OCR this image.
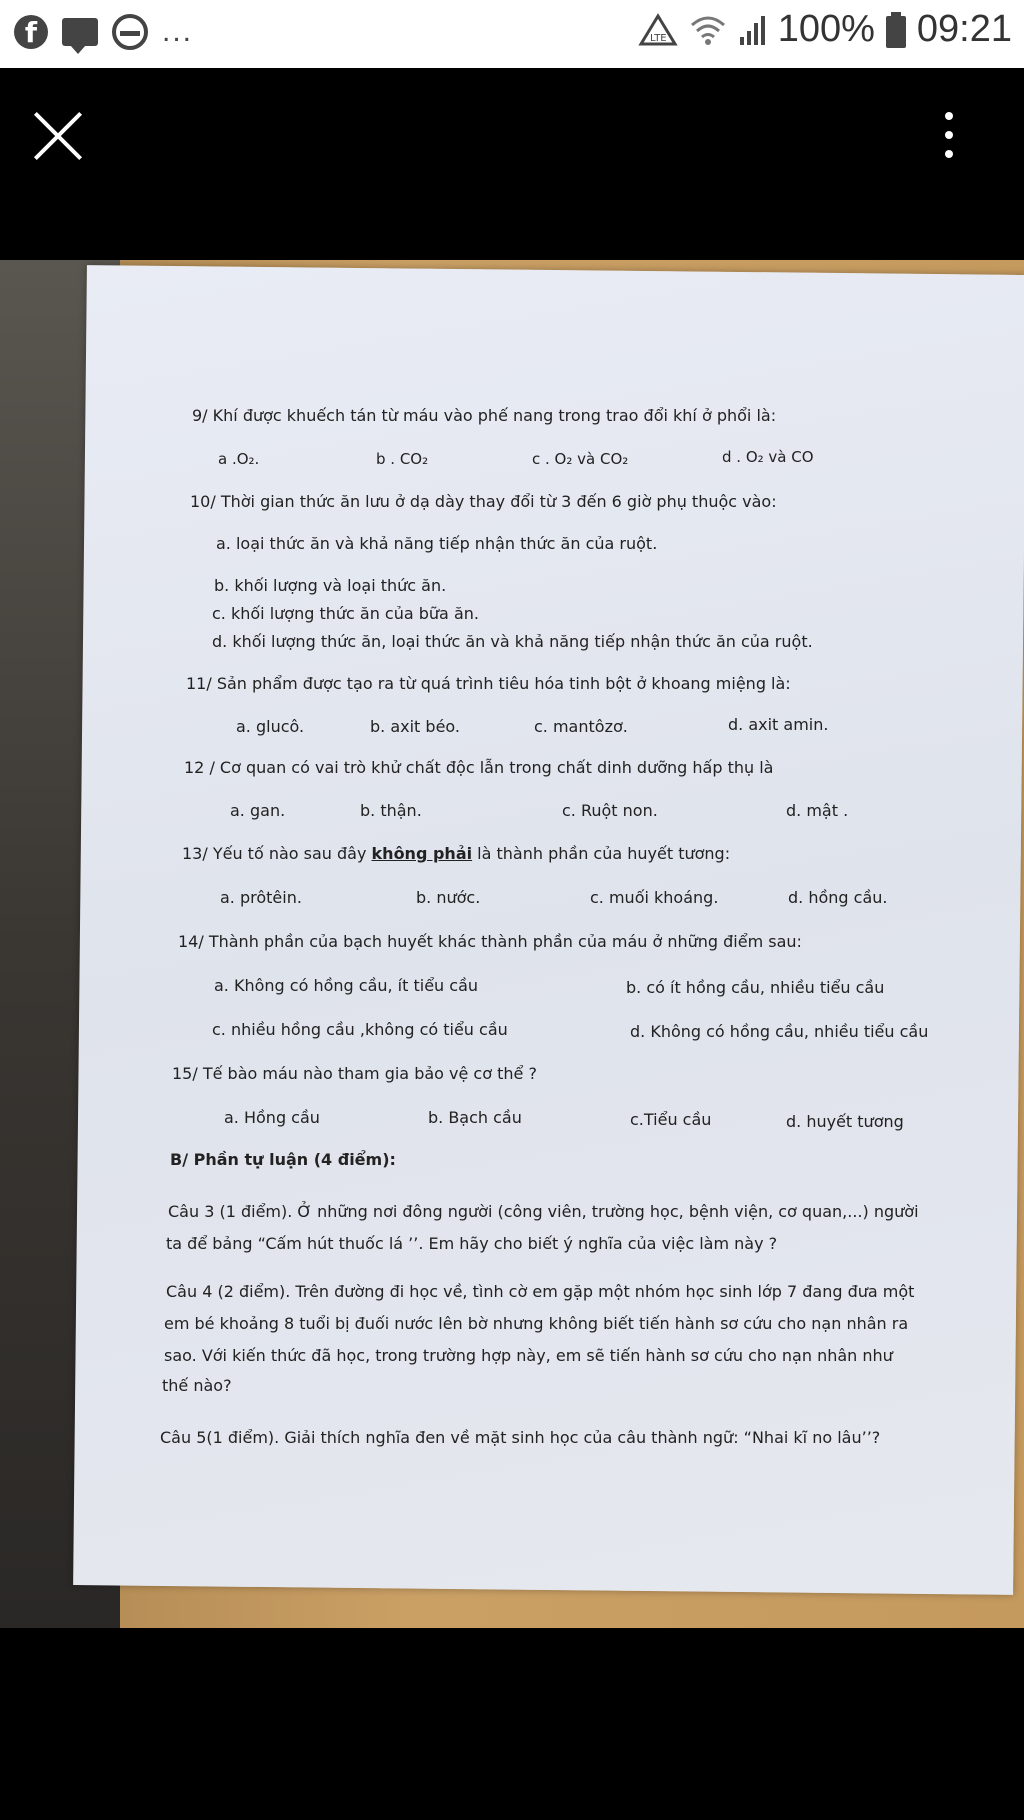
f	...	LTE	100% 09:21
9/ Khí được khuếch tán từ máu vào phế nang trong trao đổi khí ở phổi là:
a .O₂.	b . CO₂	c . O₂ và CO₂	d . O₂ và CO
10/ Thời gian thức ăn lưu ở dạ dày thay đổi từ 3 đến 6 giờ phụ thuộc vào:
a. loại thức ăn và khả năng tiếp nhận thức ăn của ruột.
b. khối lượng và loại thức ăn.
c. khối lượng thức ăn của bữa ăn.
d. khối lượng thức ăn, loại thức ăn và khả năng tiếp nhận thức ăn của ruột.
11/ Sản phẩm được tạo ra từ quá trình tiêu hóa tinh bột ở khoang miệng là:
a. glucô.	b. axit béo.	c. mantôzơ.	d. axit amin.
12 / Cơ quan có vai trò khử chất độc lẫn trong chất dinh dưỡng hấp thụ là
a. gan.	b. thận.	c. Ruột non.	d. mật .
13/ Yếu tố nào sau đây không phải là thành phần của huyết tương:
a. prôtêin.	b. nước.	c. muối khoáng.	d. hồng cầu.
14/ Thành phần của bạch huyết khác thành phần của máu ở những điểm sau:
a. Không có hồng cầu, ít tiểu cầu	b. có ít hồng cầu, nhiều tiểu cầu
c. nhiều hồng cầu ,không có tiểu cầu	d. Không có hồng cầu, nhiều tiểu cầu
15/ Tế bào máu nào tham gia bảo vệ cơ thể ?
a. Hồng cầu	b. Bạch cầu	c.Tiểu cầu	d. huyết tương
B/ Phần tự luận (4 điểm):
Câu 3 (1 điểm). Ở những nơi đông người (công viên, trường học, bệnh viện, cơ quan,...) người
ta để bảng “Cấm hút thuốc lá ’’. Em hãy cho biết ý nghĩa của việc làm này ?
Câu 4 (2 điểm). Trên đường đi học về, tình cờ em gặp một nhóm học sinh lớp 7 đang đưa một
em bé khoảng 8 tuổi bị đuối nước lên bờ nhưng không biết tiến hành sơ cứu cho nạn nhân ra
sao. Với kiến thức đã học, trong trường hợp này, em sẽ tiến hành sơ cứu cho nạn nhân như
thế nào?
Câu 5(1 điểm). Giải thích nghĩa đen về mặt sinh học của câu thành ngữ: “Nhai kĩ no lâu’’?
